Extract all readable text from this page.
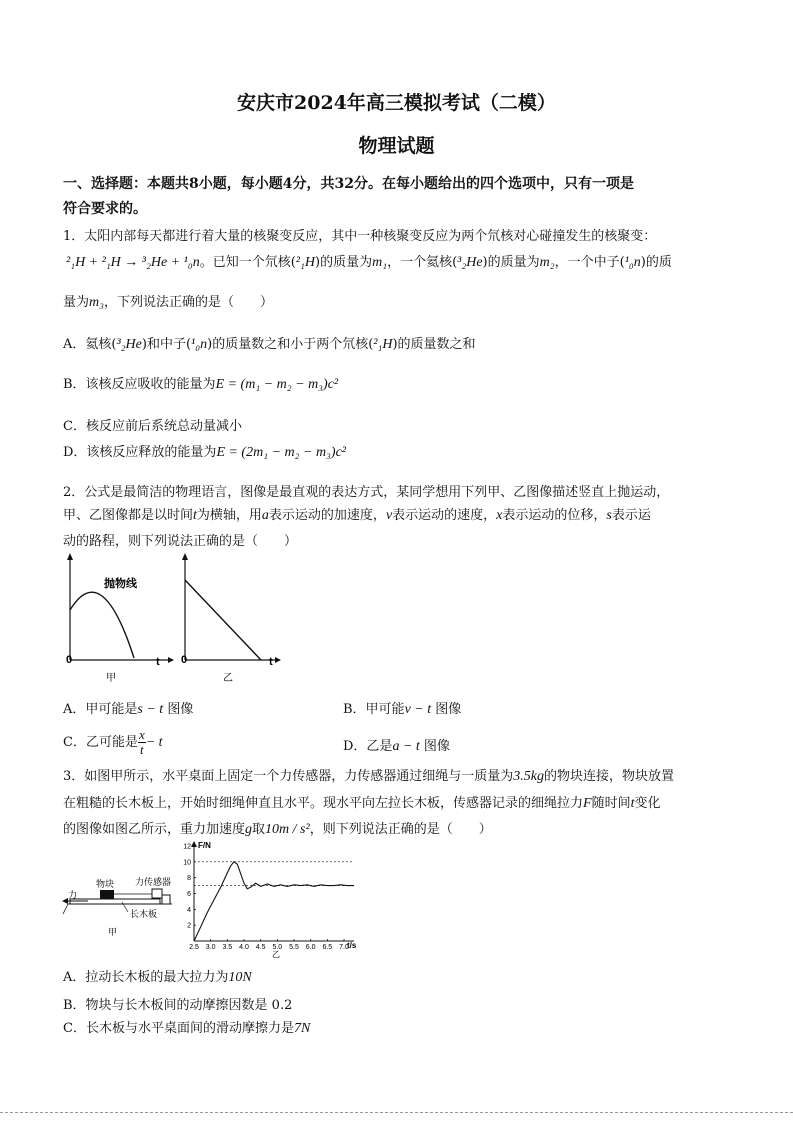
安庆市2024年高三模拟考试（二模）
物理试题
一、选择题：本题共8小题，每小题4分，共32分。在每小题给出的四个选项中，只有一项是
符合要求的。
1．太阳内部每天都进行着大量的核聚变反应，其中一种核聚变反应为两个氘核对心碰撞发生的核聚变：
²₁H + ²₁H → ³₂He + ¹₀n。已知一个氘核(²₁H)的质量为m₁，一个氦核(³₂He)的质量为m₂，一个中子(¹₀n)的质
量为m₃，下列说法正确的是（　　）
A．氦核(³₂He)和中子(¹₀n)的质量数之和小于两个氘核(²₁H)的质量数之和
B．该核反应吸收的能量为E = (m₁ − m₂ − m₃)c²
C．核反应前后系统总动量减小
D．该核反应释放的能量为E = (2m₁ − m₂ − m₃)c²
2．公式是最简洁的物理语言，图像是最直观的表达方式，某同学想用下列甲、乙图像描述竖直上抛运动，
甲、乙图像都是以时间t为横轴，用a表示运动的加速度，v表示运动的速度，x表示运动的位移，s表示运
动的路程，则下列说法正确的是（　　）
抛物线
0	t
甲
0	t
乙
A．甲可能是s − t 图像	B．甲可能v − t 图像
C．乙可能是 $\frac{x}{t} - t$	D．乙是a − t 图像
3．如图甲所示，水平桌面上固定一个力传感器，力传感器通过细绳与一质量为3.5kg的物块连接，物块放置
在粗糙的长木板上，开始时细绳伸直且水平。现水平向左拉长木板，传感器记录的细绳拉力F随时间t变化
的图像如图乙所示，重力加速度g取10m / s²，则下列说法正确的是（　　）
力
物块 力传感器
长木板
甲
F/N
t/s
乙
2.5 3.0 3.5 4.0 4.5 5.0 5.5 6.0 6.5 7.0
2
4
6
8
10
12
A．拉动长木板的最大拉力为10N
B．物块与长木板间的动摩擦因数是 0.2
C．长木板与水平桌面间的滑动摩擦力是7N
